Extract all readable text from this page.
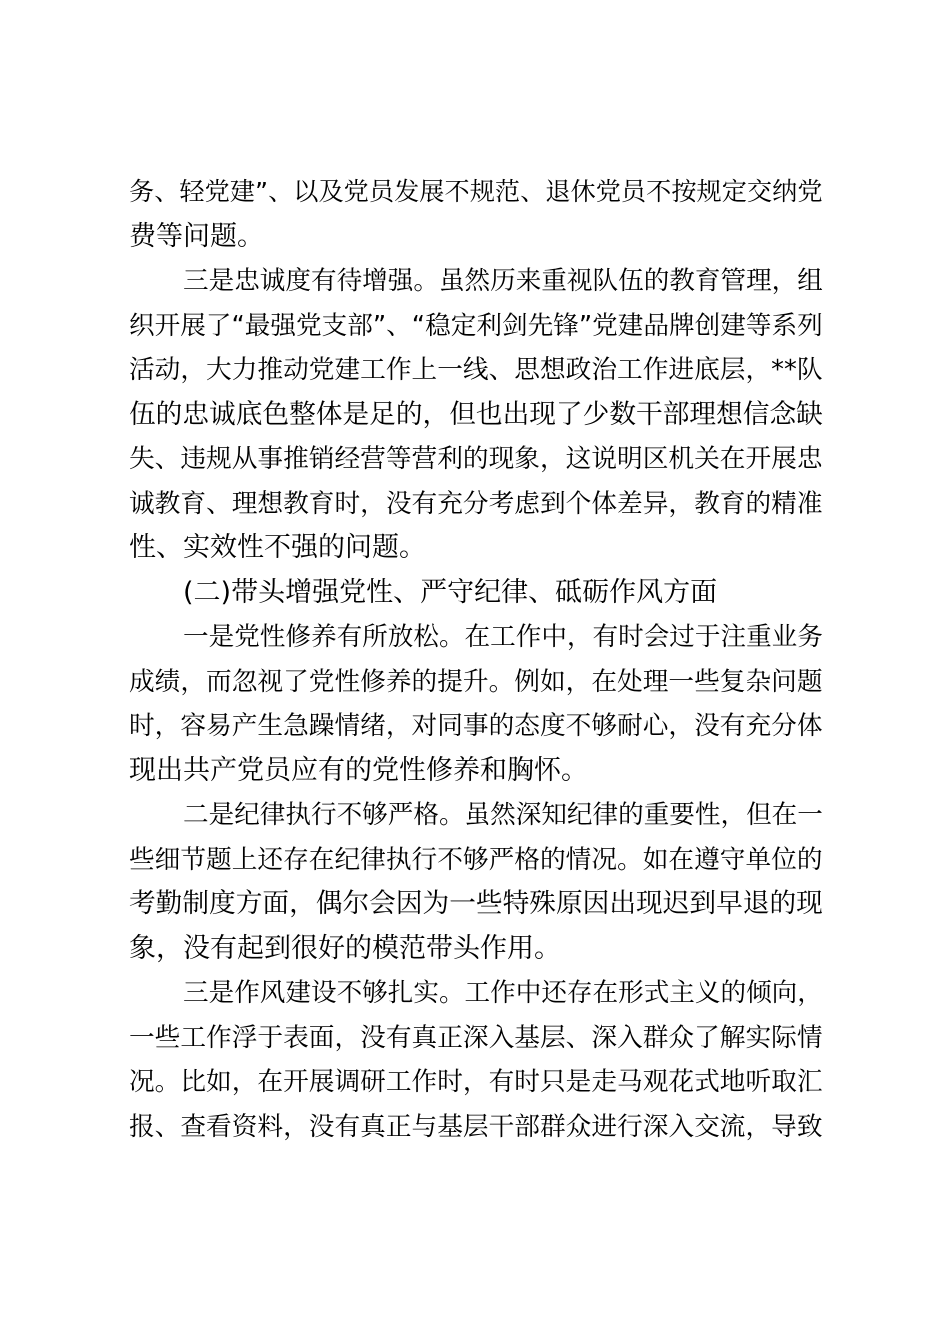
务、轻党建”、以及党员发展不规范、退休党员不按规定交纳党
费等问题。
三是忠诚度有待增强。虽然历来重视队伍的教育管理，组
织开展了“最强党支部”、“稳定利剑先锋”党建品牌创建等系列
活动，大力推动党建工作上一线、思想政治工作进底层，**队
伍的忠诚底色整体是足的，但也出现了少数干部理想信念缺
失、违规从事推销经营等营利的现象，这说明区机关在开展忠
诚教育、理想教育时，没有充分考虑到个体差异，教育的精准
性、实效性不强的问题。
(二)带头增强党性、严守纪律、砥砺作风方面
一是党性修养有所放松。在工作中，有时会过于注重业务
成绩，而忽视了党性修养的提升。例如，在处理一些复杂问题
时，容易产生急躁情绪，对同事的态度不够耐心，没有充分体
现出共产党员应有的党性修养和胸怀。
二是纪律执行不够严格。虽然深知纪律的重要性，但在一
些细节题上还存在纪律执行不够严格的情况。如在遵守单位的
考勤制度方面，偶尔会因为一些特殊原因出现迟到早退的现
象，没有起到很好的模范带头作用。
三是作风建设不够扎实。工作中还存在形式主义的倾向，
一些工作浮于表面，没有真正深入基层、深入群众了解实际情
况。比如，在开展调研工作时，有时只是走马观花式地听取汇
报、查看资料，没有真正与基层干部群众进行深入交流，导致
